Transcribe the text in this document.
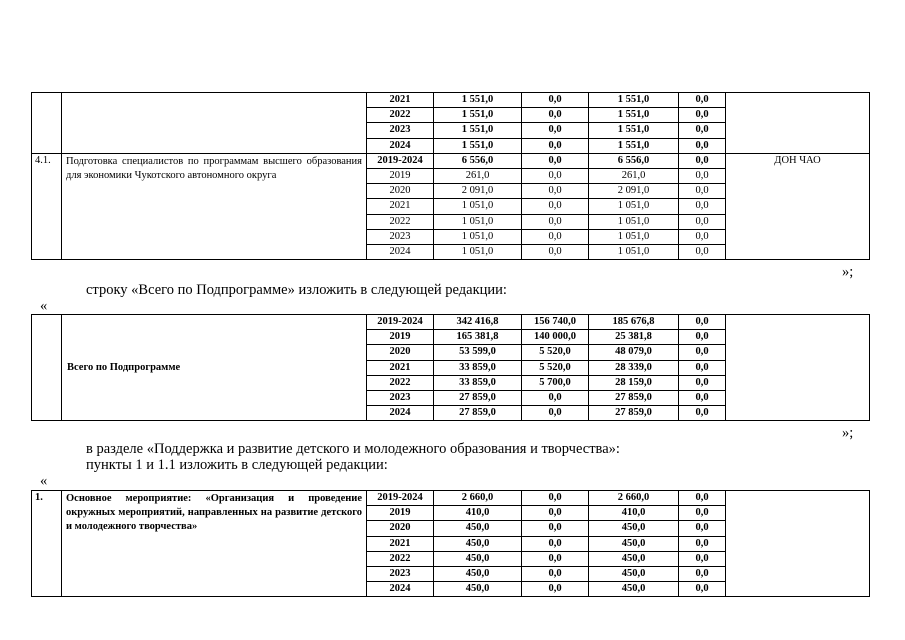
		2021	1 551,0	0,0	1 551,0	0,0	
		2022	1 551,0	0,0	1 551,0	0,0	
		2023	1 551,0	0,0	1 551,0	0,0	
		2024	1 551,0	0,0	1 551,0	0,0	
4.1.	Подготовка специалистов по программам высшего образования для экономики Чукотского автономного округа	2019-2024	6 556,0	0,0	6 556,0	0,0	ДОН ЧАО
		2019	261,0	0,0	261,0	0,0	
		2020	2 091,0	0,0	2 091,0	0,0	
		2021	1 051,0	0,0	1 051,0	0,0	
		2022	1 051,0	0,0	1 051,0	0,0	
		2023	1 051,0	0,0	1 051,0	0,0	
		2024	1 051,0	0,0	1 051,0	0,0	
»;
строку «Всего по Подпрограмме» изложить в следующей редакции:
«
	Всего по Подпрограмме	2019-2024	342 416,8	156 740,0	185 676,8	0,0	
		2019	165 381,8	140 000,0	25 381,8	0,0	
		2020	53 599,0	5 520,0	48 079,0	0,0	
		2021	33 859,0	5 520,0	28 339,0	0,0	
		2022	33 859,0	5 700,0	28 159,0	0,0	
		2023	27 859,0	0,0	27 859,0	0,0	
		2024	27 859,0	0,0	27 859,0	0,0	
»;
в разделе «Поддержка и развитие детского и молодежного образования и творчества»:
пункты 1 и 1.1 изложить в следующей редакции:
«
1.	Основное мероприятие: «Организация и проведение окружных мероприятий, направленных на развитие детского и молодежного творчества»	2019-2024	2 660,0	0,0	2 660,0	0,0	
		2019	410,0	0,0	410,0	0,0	
		2020	450,0	0,0	450,0	0,0	
		2021	450,0	0,0	450,0	0,0	
		2022	450,0	0,0	450,0	0,0	
		2023	450,0	0,0	450,0	0,0	
		2024	450,0	0,0	450,0	0,0	
